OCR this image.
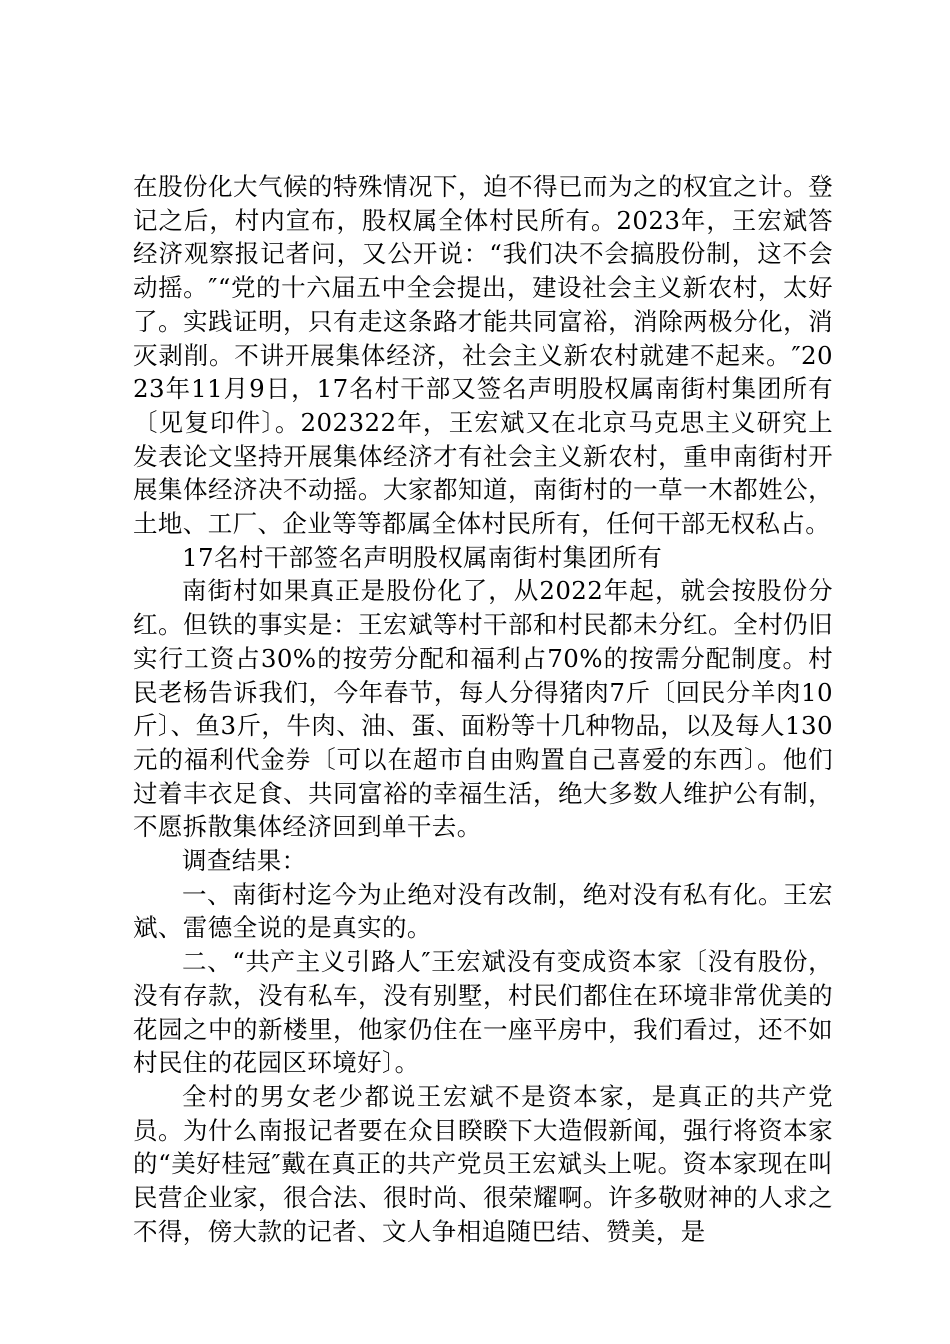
在股份化大气候的特殊情况下，迫不得已而为之的权宜之计。登记之后，村内宣布，股权属全体村民所有。2023年，王宏斌答经济观察报记者问，又公开说：“我们决不会搞股份制，这不会动摇。″“党的十六届五中全会提出，建设社会主义新农村，太好了。实践证明，只有走这条路才能共同富裕，消除两极分化，消灭剥削。不讲开展集体经济，社会主义新农村就建不起来。″2023年11月9日，17名村干部又签名声明股权属南街村集团所有〔见复印件〕。202322年，王宏斌又在北京马克思主义研究上发表论文坚持开展集体经济才有社会主义新农村，重申南街村开展集体经济决不动摇。大家都知道，南街村的一草一木都姓公，土地、工厂、企业等等都属全体村民所有，任何干部无权私占。

17名村干部签名声明股权属南街村集团所有

南街村如果真正是股份化了，从2022年起，就会按股份分红。但铁的事实是：王宏斌等村干部和村民都未分红。全村仍旧实行工资占30%的按劳分配和福利占70%的按需分配制度。村民老杨告诉我们，今年春节，每人分得猪肉7斤〔回民分羊肉10斤〕、鱼3斤，牛肉、油、蛋、面粉等十几种物品，以及每人130元的福利代金券〔可以在超市自由购置自己喜爱的东西〕。他们过着丰衣足食、共同富裕的幸福生活，绝大多数人维护公有制，不愿拆散集体经济回到单干去。

调查结果：

一、南街村迄今为止绝对没有改制，绝对没有私有化。王宏斌、雷德全说的是真实的。

二、“共产主义引路人″王宏斌没有变成资本家〔没有股份，没有存款，没有私车，没有别墅，村民们都住在环境非常优美的花园之中的新楼里，他家仍住在一座平房中，我们看过，还不如村民住的花园区环境好〕。

全村的男女老少都说王宏斌不是资本家，是真正的共产党员。为什么南报记者要在众目睽睽下大造假新闻，强行将资本家的“美好桂冠″戴在真正的共产党员王宏斌头上呢。资本家现在叫民营企业家，很合法、很时尚、很荣耀啊。许多敬财神的人求之不得，傍大款的记者、文人争相追随巴结、赞美，是
